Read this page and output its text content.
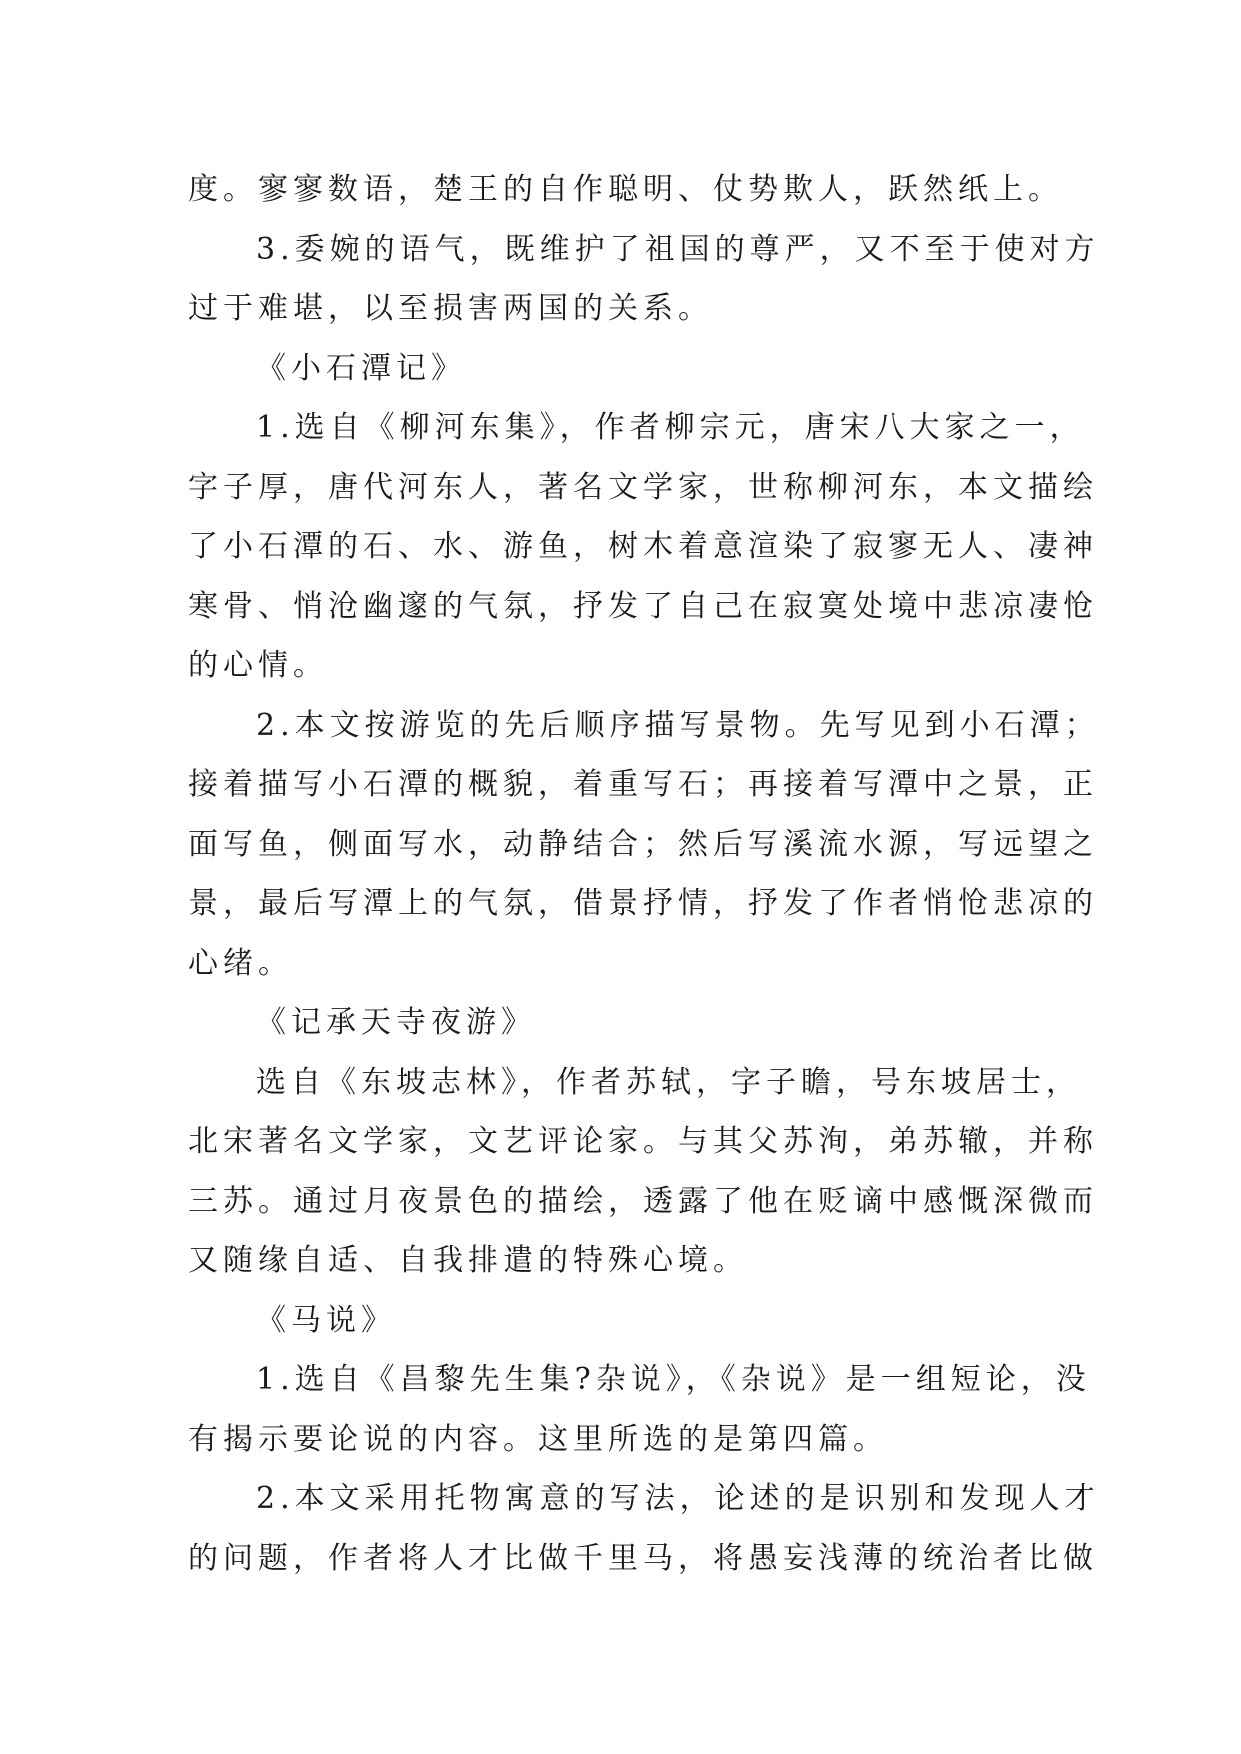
度。寥寥数语，楚王的自作聪明、仗势欺人，跃然纸上。
3.委婉的语气，既维护了祖国的尊严，又不至于使对方
过于难堪，以至损害两国的关系。
《小石潭记》
1.选自《柳河东集》，作者柳宗元，唐宋八大家之一，
字子厚，唐代河东人，著名文学家，世称柳河东，本文描绘
了小石潭的石、水、游鱼，树木着意渲染了寂寥无人、凄神
寒骨、悄沧幽邃的气氛，抒发了自己在寂寞处境中悲凉凄怆
的心情。
2.本文按游览的先后顺序描写景物。先写见到小石潭；
接着描写小石潭的概貌，着重写石；再接着写潭中之景，正
面写鱼，侧面写水，动静结合；然后写溪流水源，写远望之
景，最后写潭上的气氛，借景抒情，抒发了作者悄怆悲凉的
心绪。
《记承天寺夜游》
选自《东坡志林》，作者苏轼，字子瞻，号东坡居士，
北宋著名文学家，文艺评论家。与其父苏洵，弟苏辙，并称
三苏。通过月夜景色的描绘，透露了他在贬谪中感慨深微而
又随缘自适、自我排遣的特殊心境。
《马说》
1.选自《昌黎先生集?杂说》，《杂说》是一组短论，没
有揭示要论说的内容。这里所选的是第四篇。
2.本文采用托物寓意的写法，论述的是识别和发现人才
的问题，作者将人才比做千里马，将愚妄浅薄的统治者比做
